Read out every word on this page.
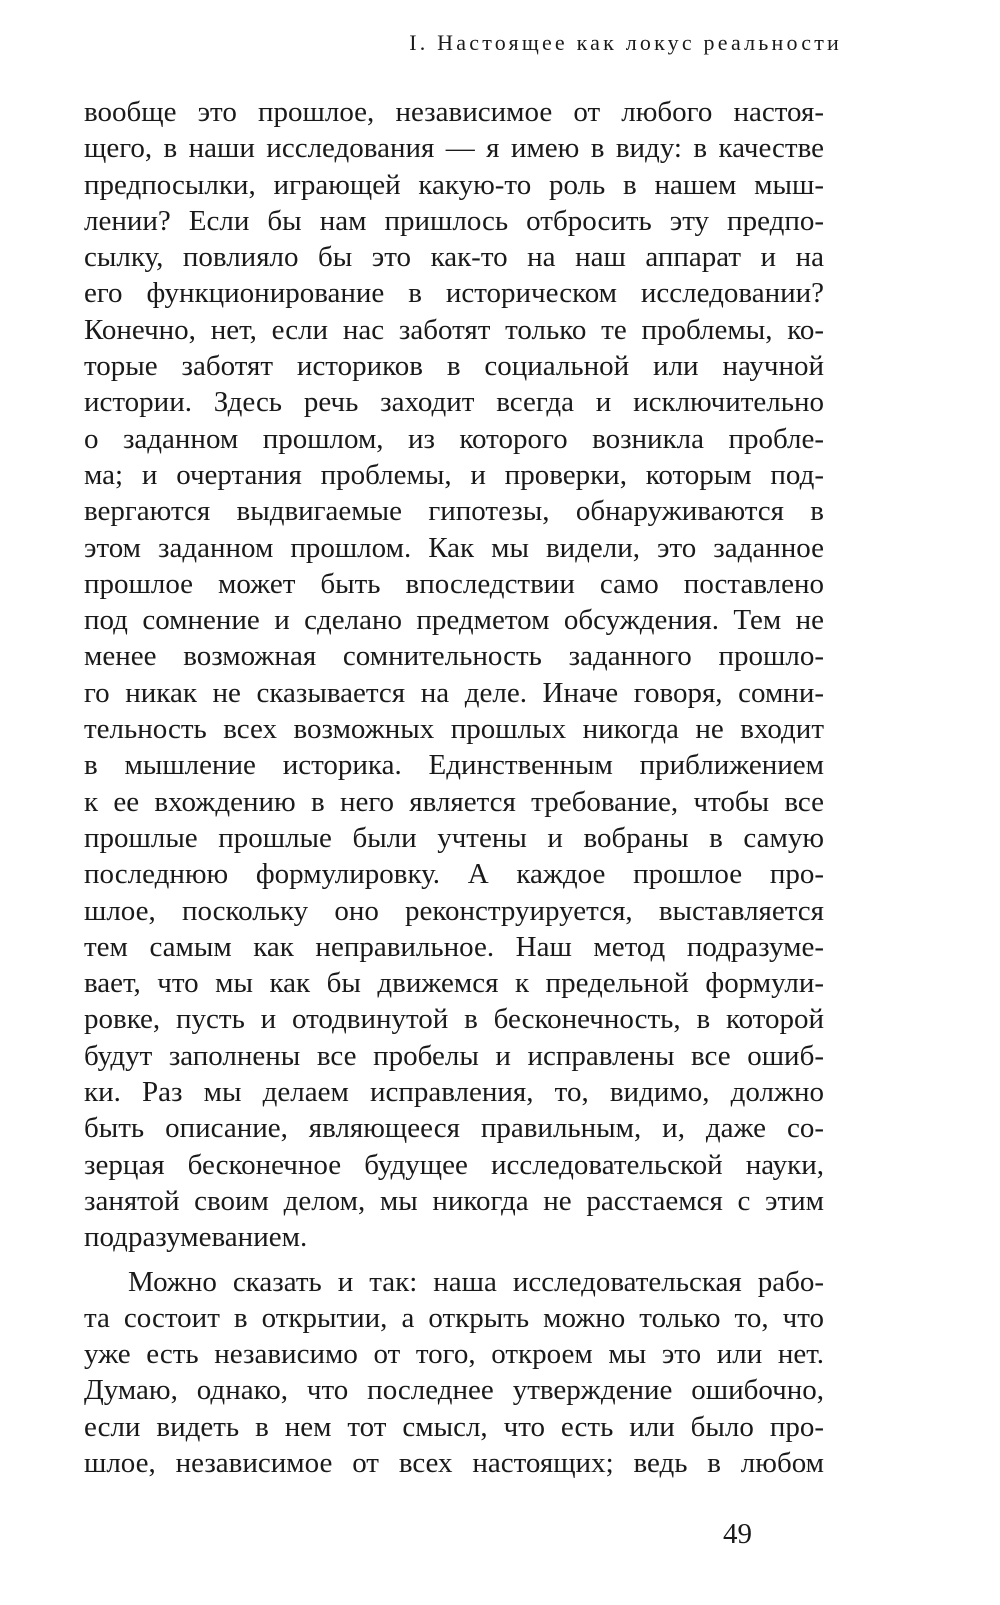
I. Настоящее как локус реальности

вообще это прошлое, независимое от любого настоя-
щего, в наши исследования — я имею в виду: в качестве
предпосылки, играющей какую-то роль в нашем мыш-
лении? Если бы нам пришлось отбросить эту предпо-
сылку, повлияло бы это как-то на наш аппарат и на
его функционирование в историческом исследовании?
Конечно, нет, если нас заботят только те проблемы, ко-
торые заботят историков в социальной или научной
истории. Здесь речь заходит всегда и исключительно
о заданном прошлом, из которого возникла пробле-
ма; и очертания проблемы, и проверки, которым под-
вергаются выдвигаемые гипотезы, обнаруживаются в
этом заданном прошлом. Как мы видели, это заданное
прошлое может быть впоследствии само поставлено
под сомнение и сделано предметом обсуждения. Тем не
менее возможная сомнительность заданного прошло-
го никак не сказывается на деле. Иначе говоря, сомни-
тельность всех возможных прошлых никогда не входит
в мышление историка. Единственным приближением
к ее вхождению в него является требование, чтобы все
прошлые прошлые были учтены и вобраны в самую
последнюю формулировку. А каждое прошлое про-
шлое, поскольку оно реконструируется, выставляется
тем самым как неправильное. Наш метод подразуме-
вает, что мы как бы движемся к предельной формули-
ровке, пусть и отодвинутой в бесконечность, в которой
будут заполнены все пробелы и исправлены все ошиб-
ки. Раз мы делаем исправления, то, видимо, должно
быть описание, являющееся правильным, и, даже со-
зерцая бесконечное будущее исследовательской науки,
занятой своим делом, мы никогда не расстаемся с этим
подразумеванием.

Можно сказать и так: наша исследовательская рабо-
та состоит в открытии, а открыть можно только то, что
уже есть независимо от того, откроем мы это или нет.
Думаю, однако, что последнее утверждение ошибочно,
если видеть в нем тот смысл, что есть или было про-
шлое, независимое от всех настоящих; ведь в любом

49
